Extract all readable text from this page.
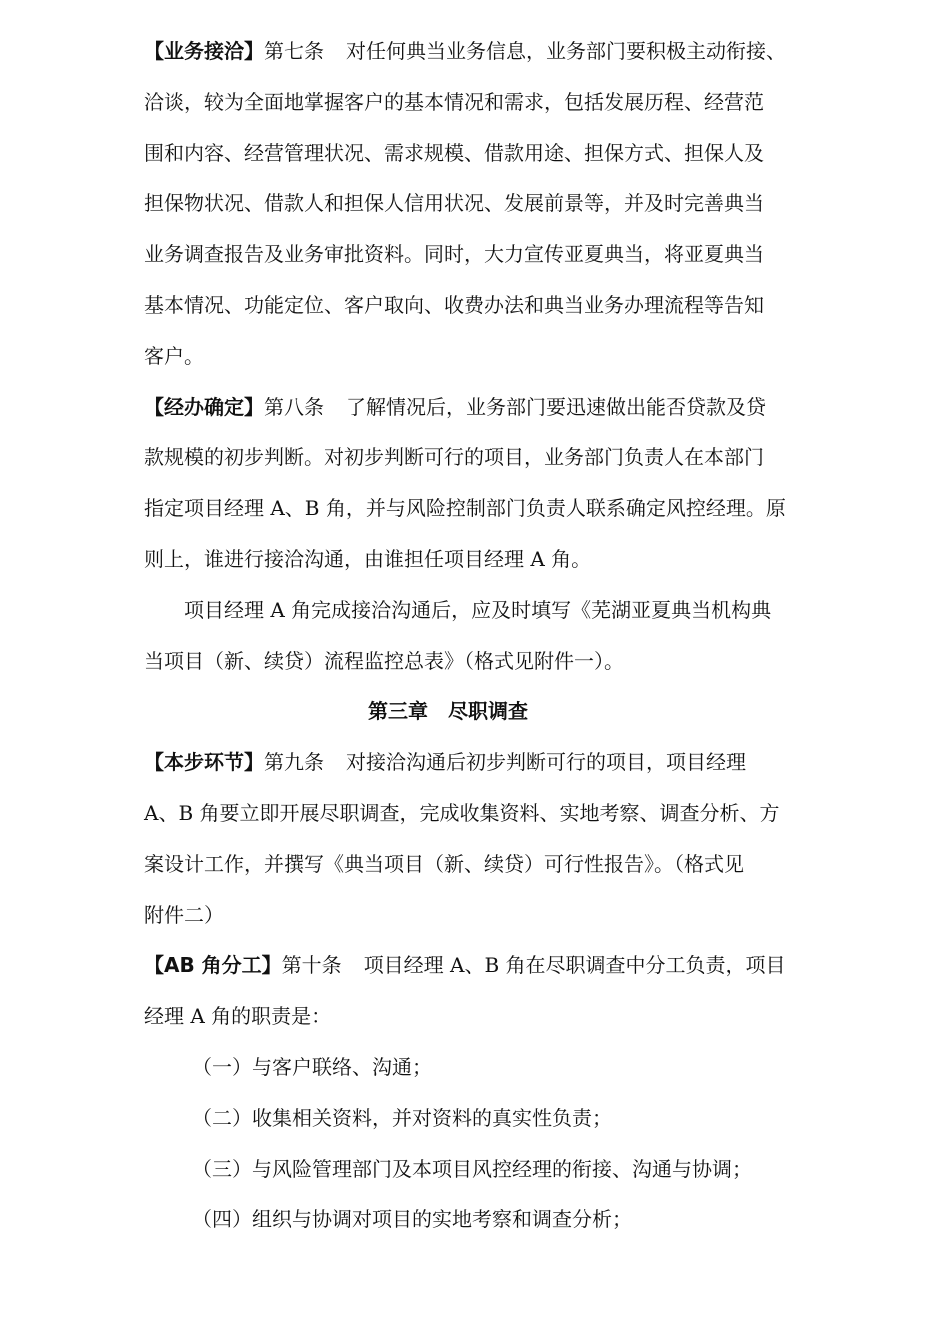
【业务接洽】第七条 对任何典当业务信息，业务部门要积极主动衔接、
洽谈，较为全面地掌握客户的基本情况和需求，包括发展历程、经营范
围和内容、经营管理状况、需求规模、借款用途、担保方式、担保人及
担保物状况、借款人和担保人信用状况、发展前景等，并及时完善典当
业务调查报告及业务审批资料。同时，大力宣传亚夏典当，将亚夏典当
基本情况、功能定位、客户取向、收费办法和典当业务办理流程等告知
客户。
【经办确定】第八条 了解情况后，业务部门要迅速做出能否贷款及贷
款规模的初步判断。对初步判断可行的项目，业务部门负责人在本部门
指定项目经理 A、B 角，并与风险控制部门负责人联系确定风控经理。原
则上，谁进行接洽沟通，由谁担任项目经理 A 角。
项目经理 A 角完成接洽沟通后，应及时填写《芜湖亚夏典当机构典
当项目（新、续贷）流程监控总表》（格式见附件一）。
第三章　尽职调查
【本步环节】第九条 对接洽沟通后初步判断可行的项目，项目经理
A、B 角要立即开展尽职调查，完成收集资料、实地考察、调查分析、方
案设计工作，并撰写《典当项目（新、续贷）可行性报告》。（格式见
附件二）
【AB 角分工】第十条 项目经理 A、B 角在尽职调查中分工负责，项目
经理 A 角的职责是：
（一）与客户联络、沟通；
（二）收集相关资料，并对资料的真实性负责；
（三）与风险管理部门及本项目风控经理的衔接、沟通与协调；
（四）组织与协调对项目的实地考察和调查分析；
